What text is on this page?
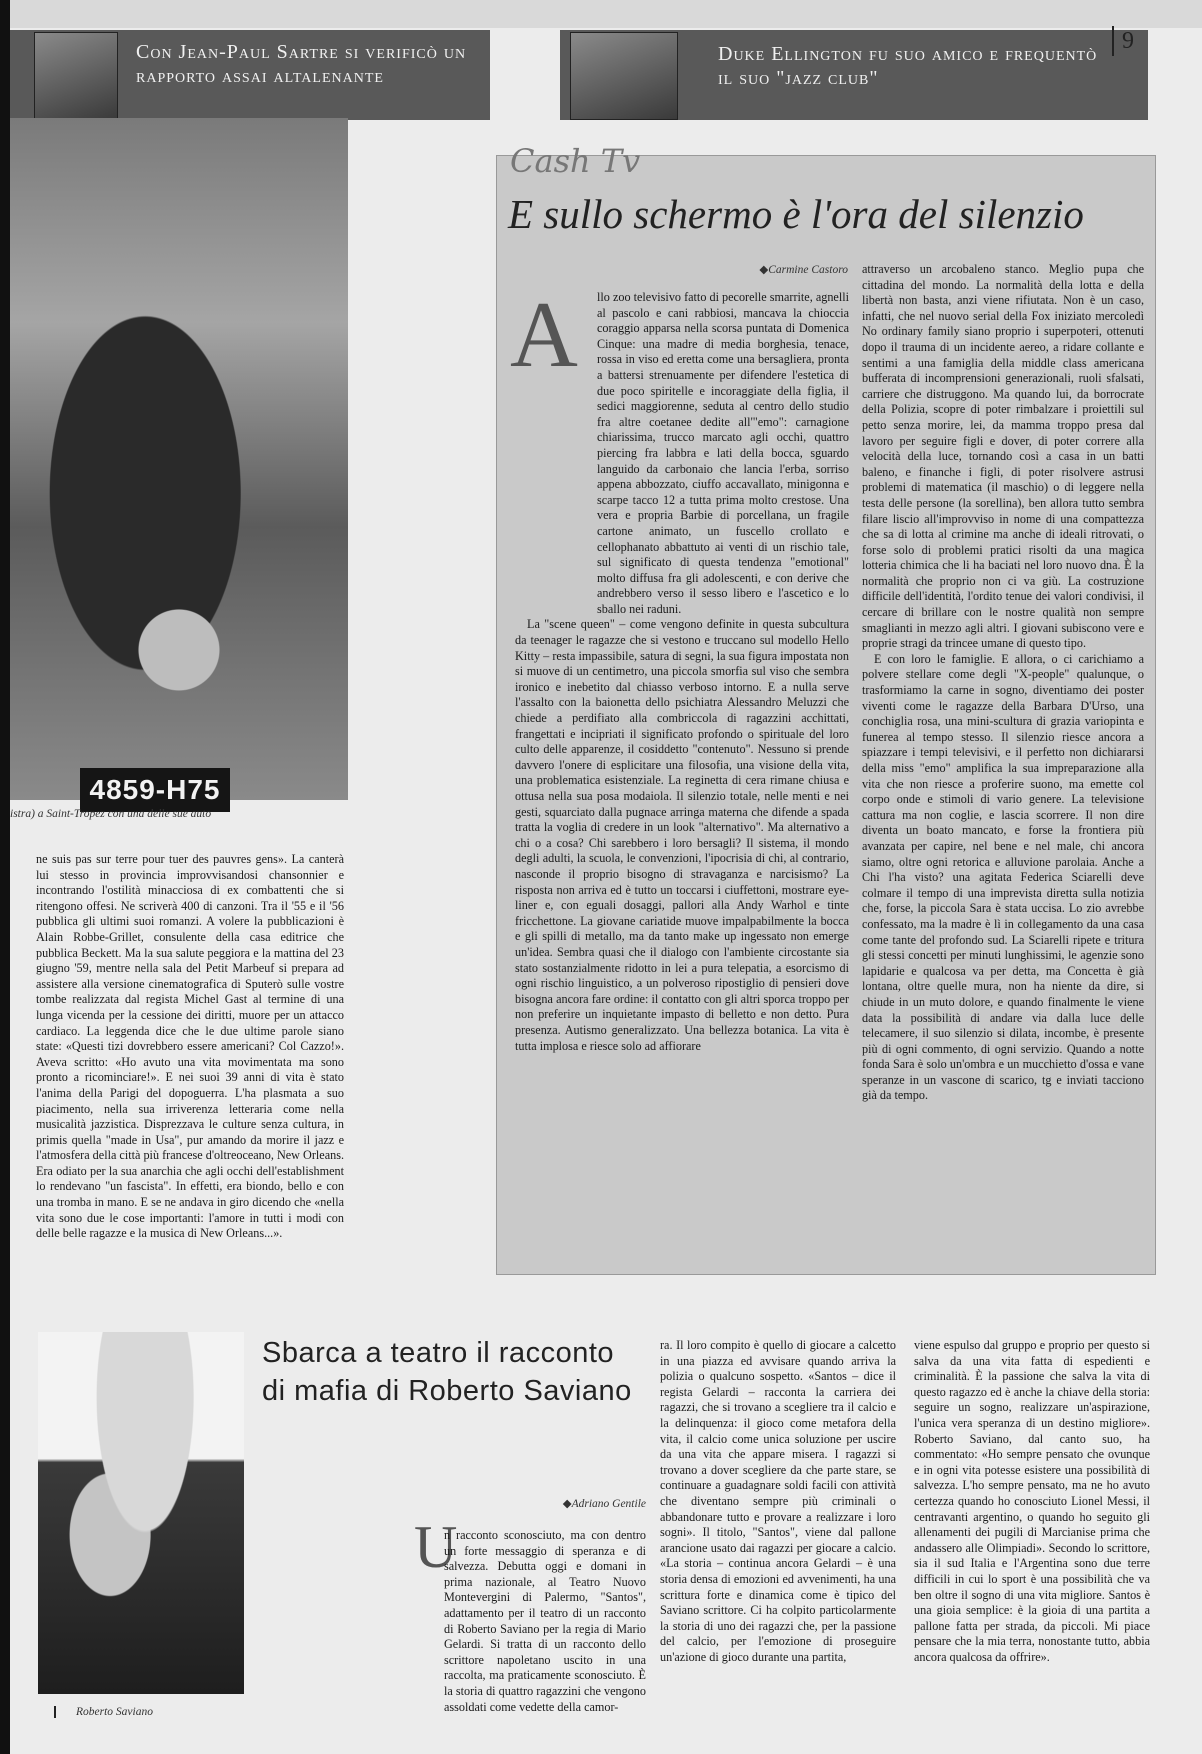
Con Jean-Paul Sartre si verificò un rapporto assai altalenante
Duke Ellington fu suo amico e frequentò il suo "jazz club"
9
4859-H75
istra) a Saint-Tropez con una delle sue auto

ne suis pas sur terre pour tuer des pauvres gens». La canterà lui stesso in provincia improvvisandosi chansonnier e incontrando l'ostilità minacciosa di ex combattenti che si ritengono offesi. Ne scriverà 400 di canzoni. Tra il '55 e il '56 pubblica gli ultimi suoi romanzi. A volere la pubblicazioni è Alain Robbe-Grillet, consulente della casa editrice che pubblica Beckett. Ma la sua salute peggiora e la mattina del 23 giugno '59, mentre nella sala del Petit Marbeuf si prepara ad assistere alla versione cinematografica di Sputerò sulle vostre tombe realizzata dal regista Michel Gast al termine di una lunga vicenda per la cessione dei diritti, muore per un attacco cardiaco. La leggenda dice che le due ultime parole siano state: «Questi tizi dovrebbero essere americani? Col Cazzo!». Aveva scritto: «Ho avuto una vita movimentata ma sono pronto a ricominciare!». E nei suoi 39 anni di vita è stato l'anima della Parigi del dopoguerra. L'ha plasmata a suo piacimento, nella sua irriverenza letteraria come nella musicalità jazzistica. Disprezzava le culture senza cultura, in primis quella "made in Usa", pur amando da morire il jazz e l'atmosfera della città più francese d'oltreoceano, New Orleans. Era odiato per la sua anarchia che agli occhi dell'establishment lo rendevano "un fascista". In effetti, era biondo, bello e con una tromba in mano. E se ne andava in giro dicendo che «nella vita sono due le cose importanti: l'amore in tutti i modi con delle belle ragazze e la musica di New Orleans...».

Cash Tv
E sullo schermo è l'ora del silenzio
◆Carmine Castoro
A	llo zoo televisivo fatto di pecorelle smarrite, agnelli al pascolo e cani rabbiosi, mancava la chioccia coraggio apparsa nella scorsa puntata di Domenica Cinque: una madre di media borghesia, tenace, rossa in viso ed eretta come una bersagliera, pronta a battersi strenuamente per difendere l'estetica di due poco spiritelle e incoraggiate della figlia, il sedici maggiorenne, seduta al centro dello studio fra altre coetanee dedite all'"emo": carnagione chiarissima, trucco marcato agli occhi, quattro piercing fra labbra e lati della bocca, sguardo languido da carbonaio che lancia l'erba, sorriso appena abbozzato, ciuffo accavallato, minigonna e scarpe tacco 12 a tutta prima molto crestose. Una vera e propria Barbie di porcellana, un fragile cartone animato, un fuscello crollato e cellophanato abbattuto ai venti di un rischio tale, sul significato di questa tendenza "emotional" molto diffusa fra gli adolescenti, e con derive che andrebbero verso il sesso libero e l'ascetico e lo sballo nei raduni.

La "scene queen" – come vengono definite in questa subcultura da teenager le ragazze che si vestono e truccano sul modello Hello Kitty – resta impassibile, satura di segni, la sua figura impostata non si muove di un centimetro, una piccola smorfia sul viso che sembra ironico e inebetito dal chiasso verboso intorno. E a nulla serve l'assalto con la baionetta dello psichiatra Alessandro Meluzzi che chiede a perdifiato alla combriccola di ragazzini acchittati, frangettati e incipriati il significato profondo o spirituale del loro culto delle apparenze, il cosiddetto "contenuto". Nessuno si prende davvero l'onere di esplicitare una filosofia, una visione della vita, una problematica esistenziale. La reginetta di cera rimane chiusa e ottusa nella sua posa modaiola. Il silenzio totale, nelle menti e nei gesti, squarciato dalla pugnace arringa materna che difende a spada tratta la voglia di credere in un look "alternativo". Ma alternativo a chi o a cosa? Chi sarebbero i loro bersagli? Il sistema, il mondo degli adulti, la scuola, le convenzioni, l'ipocrisia di chi, al contrario, nasconde il proprio bisogno di stravaganza e narcisismo? La risposta non arriva ed è tutto un toccarsi i ciuffettoni, mostrare eye-liner e, con eguali dosaggi, pallori alla Andy Warhol e tinte fricchettone. La giovane cariatide muove impalpabilmente la bocca e gli spilli di metallo, ma da tanto make up ingessato non emerge un'idea. Sembra quasi che il dialogo con l'ambiente circostante sia stato sostanzialmente ridotto in lei a pura telepatia, a esorcismo di ogni rischio linguistico, a un polveroso ripostiglio di pensieri dove bisogna ancora fare ordine: il contatto con gli altri sporca troppo per non preferire un inquietante impasto di belletto e non detto. Pura presenza. Autismo generalizzato. Una bellezza botanica. La vita è tutta implosa e riesce solo ad affiorare

attraverso un arcobaleno stanco. Meglio pupa che cittadina del mondo. La normalità della lotta e della libertà non basta, anzi viene rifiutata. Non è un caso, infatti, che nel nuovo serial della Fox iniziato mercoledì No ordinary family siano proprio i superpoteri, ottenuti dopo il trauma di un incidente aereo, a ridare collante e sentimi a una famiglia della middle class americana bufferata di incomprensioni generazionali, ruoli sfalsati, carriere che distruggono. Ma quando lui, da borrocrate della Polizia, scopre di poter rimbalzare i proiettili sul petto senza morire, lei, da mamma troppo presa dal lavoro per seguire figli e dover, di poter correre alla velocità della luce, tornando così a casa in un batti baleno, e finanche i figli, di poter risolvere astrusi problemi di matematica (il maschio) o di leggere nella testa delle persone (la sorellina), ben allora tutto sembra filare liscio all'improvviso in nome di una compattezza che sa di lotta al crimine ma anche di ideali ritrovati, o forse solo di problemi pratici risolti da una magica lotteria chimica che li ha baciati nel loro nuovo dna. È la normalità che proprio non ci va giù. La costruzione difficile dell'identità, l'ordito tenue dei valori condivisi, il cercare di brillare con le nostre qualità non sempre smaglianti in mezzo agli altri. I giovani subiscono vere e proprie stragi da trincee umane di questo tipo.

E con loro le famiglie. E allora, o ci carichiamo a polvere stellare come degli "X-people" qualunque, o trasformiamo la carne in sogno, diventiamo dei poster viventi come le ragazze della Barbara D'Urso, una conchiglia rosa, una mini-scultura di grazia variopinta e funerea al tempo stesso. Il silenzio riesce ancora a spiazzare i tempi televisivi, e il perfetto non dichiararsi della miss "emo" amplifica la sua impreparazione alla vita che non riesce a proferire suono, ma emette col corpo onde e stimoli di vario genere. La televisione cattura ma non coglie, e lascia scorrere. Il non dire diventa un boato mancato, e forse la frontiera più avanzata per capire, nel bene e nel male, chi ancora siamo, oltre ogni retorica e alluvione parolaia. Anche a Chi l'ha visto? una agitata Federica Sciarelli deve colmare il tempo di una imprevista diretta sulla notizia che, forse, la piccola Sara è stata uccisa. Lo zio avrebbe confessato, ma la madre è lì in collegamento da una casa come tante del profondo sud. La Sciarelli ripete e tritura gli stessi concetti per minuti lunghissimi, le agenzie sono lapidarie e qualcosa va per detta, ma Concetta è già lontana, oltre quelle mura, non ha niente da dire, si chiude in un muto dolore, e quando finalmente le viene data la possibilità di andare via dalla luce delle telecamere, il suo silenzio si dilata, incombe, è presente più di ogni commento, di ogni servizio. Quando a notte fonda Sara è solo un'ombra e un mucchietto d'ossa e vane speranze in un vascone di scarico, tg e inviati tacciono già da tempo.

Roberto Saviano
Sbarca a teatro il racconto di mafia di Roberto Saviano
◆Adriano Gentile
U

n racconto sconosciuto, ma con dentro un forte messaggio di speranza e di salvezza. Debutta oggi e domani in prima nazionale, al Teatro Nuovo Montevergini di Palermo, "Santos", adattamento per il teatro di un racconto di Roberto Saviano per la regia di Mario Gelardi. Si tratta di un racconto dello scrittore napoletano uscito in una raccolta, ma praticamente sconosciuto. È la storia di quattro ragazzini che vengono assoldati come vedette della camor-

ra. Il loro compito è quello di giocare a calcetto in una piazza ed avvisare quando arriva la polizia o qualcuno sospetto. «Santos – dice il regista Gelardi – racconta la carriera dei ragazzi, che si trovano a scegliere tra il calcio e la delinquenza: il gioco come metafora della vita, il calcio come unica soluzione per uscire da una vita che appare misera. I ragazzi si trovano a dover scegliere da che parte stare, se continuare a guadagnare soldi facili con attività che diventano sempre più criminali o abbandonare tutto e provare a realizzare i loro sogni». Il titolo, "Santos", viene dal pallone arancione usato dai ragazzi per giocare a calcio. «La storia – continua ancora Gelardi – è una storia densa di emozioni ed avvenimenti, ha una scrittura forte e dinamica come è tipico del Saviano scrittore. Ci ha colpito particolarmente la storia di uno dei ragazzi che, per la passione del calcio, per l'emozione di proseguire un'azione di gioco durante una partita,

viene espulso dal gruppo e proprio per questo si salva da una vita fatta di espedienti e criminalità. È la passione che salva la vita di questo ragazzo ed è anche la chiave della storia: seguire un sogno, realizzare un'aspirazione, l'unica vera speranza di un destino migliore». Roberto Saviano, dal canto suo, ha commentato: «Ho sempre pensato che ovunque e in ogni vita potesse esistere una possibilità di salvezza. L'ho sempre pensato, ma ne ho avuto certezza quando ho conosciuto Lionel Messi, il centravanti argentino, o quando ho seguito gli allenamenti dei pugili di Marcianise prima che andassero alle Olimpiadi». Secondo lo scrittore, sia il sud Italia e l'Argentina sono due terre difficili in cui lo sport è una possibilità che va ben oltre il sogno di una vita migliore. Santos è una gioia semplice: è la gioia di una partita a pallone fatta per strada, da piccoli. Mi piace pensare che la mia terra, nonostante tutto, abbia ancora qualcosa da offrire».
